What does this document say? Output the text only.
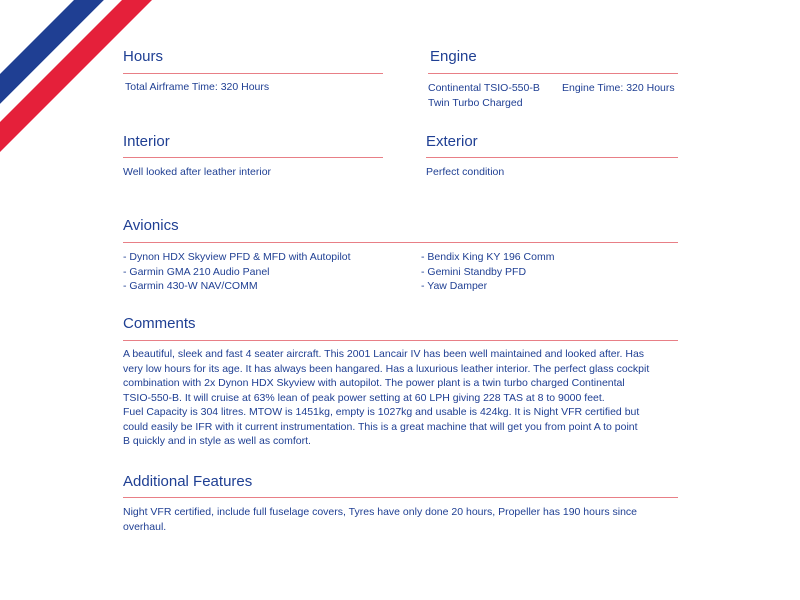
Hours

Total Airframe Time: 320 Hours

Engine

Continental TSIO-550-B
Twin Turbo Charged

Engine Time: 320 Hours

Interior

Well looked after leather interior

Exterior

Perfect condition

Avionics

- Dynon HDX Skyview PFD & MFD with Autopilot
- Garmin GMA 210 Audio Panel
- Garmin 430-W NAV/COMM

- Bendix King KY 196 Comm
- Gemini Standby PFD
- Yaw Damper

Comments

A beautiful, sleek and fast 4 seater aircraft. This 2001 Lancair IV has been well maintained and looked after. Has
very low hours for its age. It has always been hangared. Has a luxurious leather interior. The perfect glass cockpit
combination with 2x Dynon HDX Skyview with autopilot. The power plant is a twin turbo charged Continental
TSIO-550-B. It will cruise at 63% lean of peak power setting at 60 LPH giving 228 TAS at 8 to 9000 feet.
Fuel Capacity is 304 litres. MTOW is 1451kg, empty is 1027kg and usable is 424kg. It is Night VFR certified but
could easily be IFR with it current instrumentation. This is a great machine that will get you from point A to point
B quickly and in style as well as comfort.

Additional Features

Night VFR certified, include full fuselage covers, Tyres have only done 20 hours, Propeller has 190 hours since
overhaul.
